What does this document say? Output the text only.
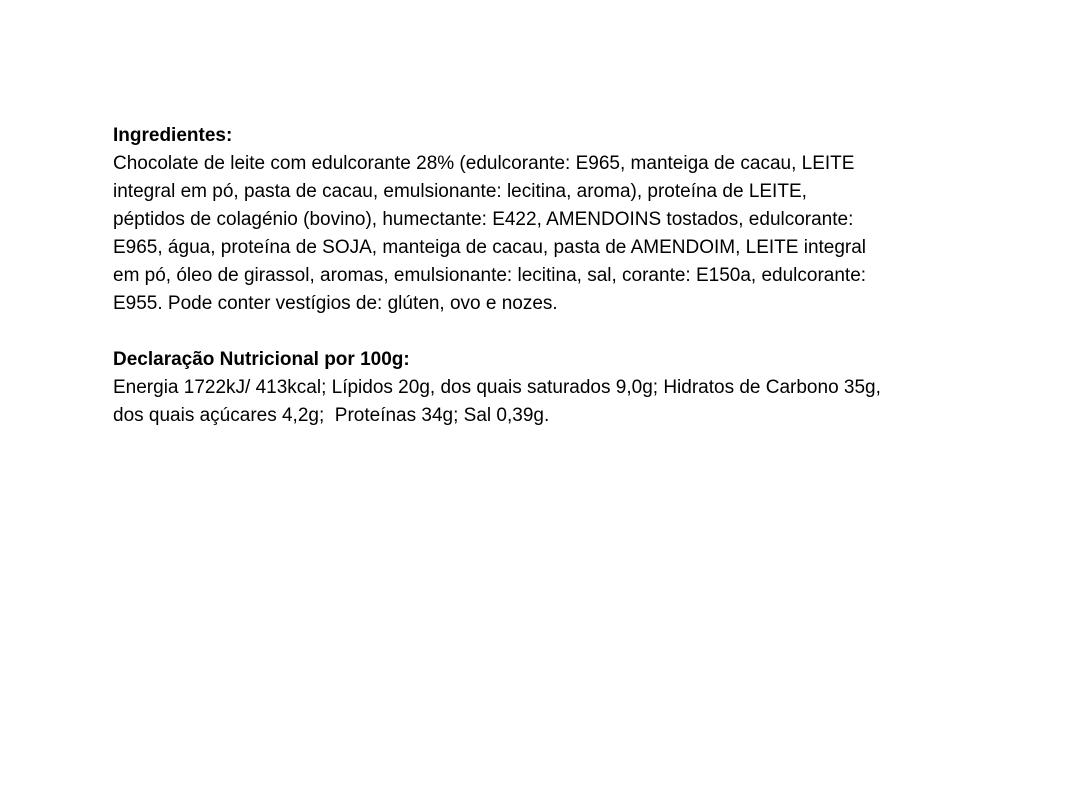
Ingredientes:

Chocolate de leite com edulcorante 28% (edulcorante: E965, manteiga de cacau, LEITE

integral em pó, pasta de cacau, emulsionante: lecitina, aroma), proteína de LEITE,

péptidos de colagénio (bovino), humectante: E422, AMENDOINS tostados, edulcorante:

E965, água, proteína de SOJA, manteiga de cacau, pasta de AMENDOIM, LEITE integral

em pó, óleo de girassol, aromas, emulsionante: lecitina, sal, corante: E150a, edulcorante:

E955. Pode conter vestígios de: glúten, ovo e nozes.

Declaração Nutricional por 100g:

Energia 1722kJ/ 413kcal; Lípidos 20g, dos quais saturados 9,0g; Hidratos de Carbono 35g,

dos quais açúcares 4,2g;  Proteínas 34g; Sal 0,39g.
